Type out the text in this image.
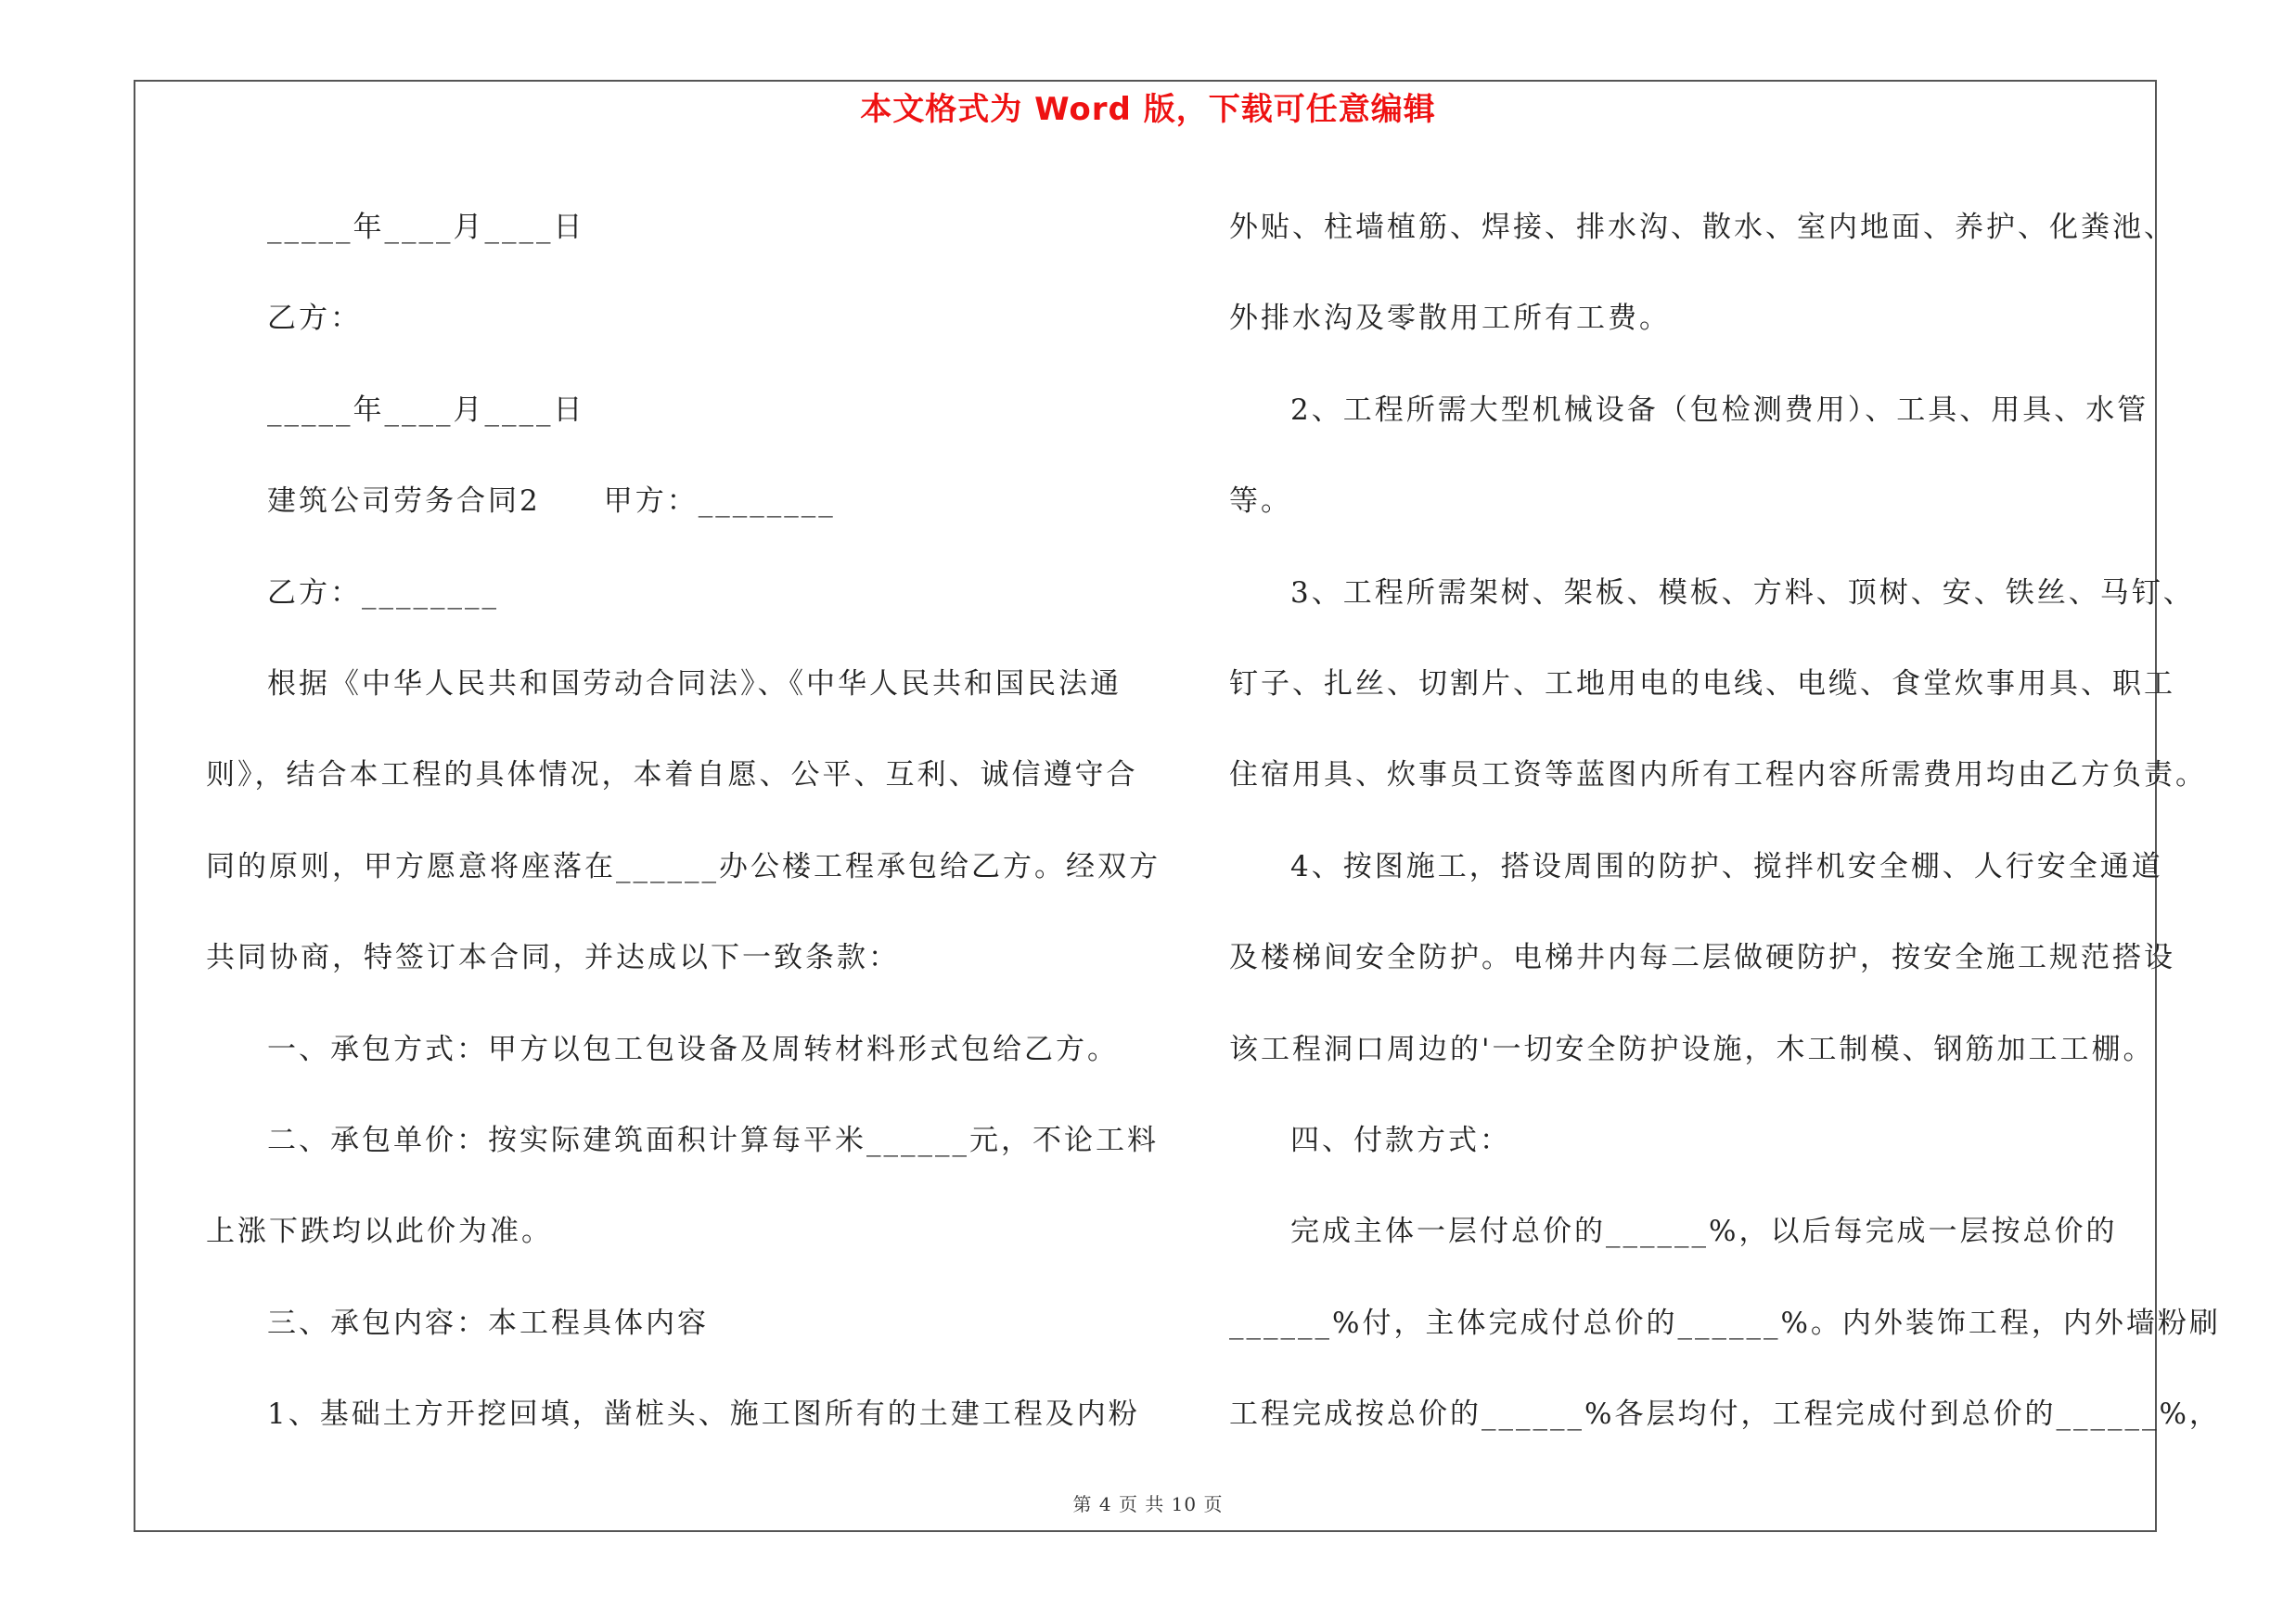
本文格式为 Word 版，下载可任意编辑
_____年____月____日
乙方：
_____年____月____日
建筑公司劳务合同2　　甲方：________
乙方：________
根据《中华人民共和国劳动合同法》、《中华人民共和国民法通
则》，结合本工程的具体情况，本着自愿、公平、互利、诚信遵守合
同的原则，甲方愿意将座落在______办公楼工程承包给乙方。经双方
共同协商，特签订本合同，并达成以下一致条款：
一、承包方式：甲方以包工包设备及周转材料形式包给乙方。
二、承包单价：按实际建筑面积计算每平米______元，不论工料
上涨下跌均以此价为准。
三、承包内容：本工程具体内容
1、基础土方开挖回填，凿桩头、施工图所有的土建工程及内粉
外贴、柱墙植筋、焊接、排水沟、散水、室内地面、养护、化粪池、
外排水沟及零散用工所有工费。
2、工程所需大型机械设备（包检测费用）、工具、用具、水管
等。
3、工程所需架树、架板、模板、方料、顶树、安、铁丝、马钉、
钉子、扎丝、切割片、工地用电的电线、电缆、食堂炊事用具、职工
住宿用具、炊事员工资等蓝图内所有工程内容所需费用均由乙方负责。
4、按图施工，搭设周围的防护、搅拌机安全棚、人行安全通道
及楼梯间安全防护。电梯井内每二层做硬防护，按安全施工规范搭设
该工程洞口周边的'一切安全防护设施，木工制模、钢筋加工工棚。
四、付款方式：
完成主体一层付总价的______%，以后每完成一层按总价的
______%付，主体完成付总价的______%。内外装饰工程，内外墙粉刷
工程完成按总价的______%各层均付，工程完成付到总价的______%，
第 4 页 共 10 页
